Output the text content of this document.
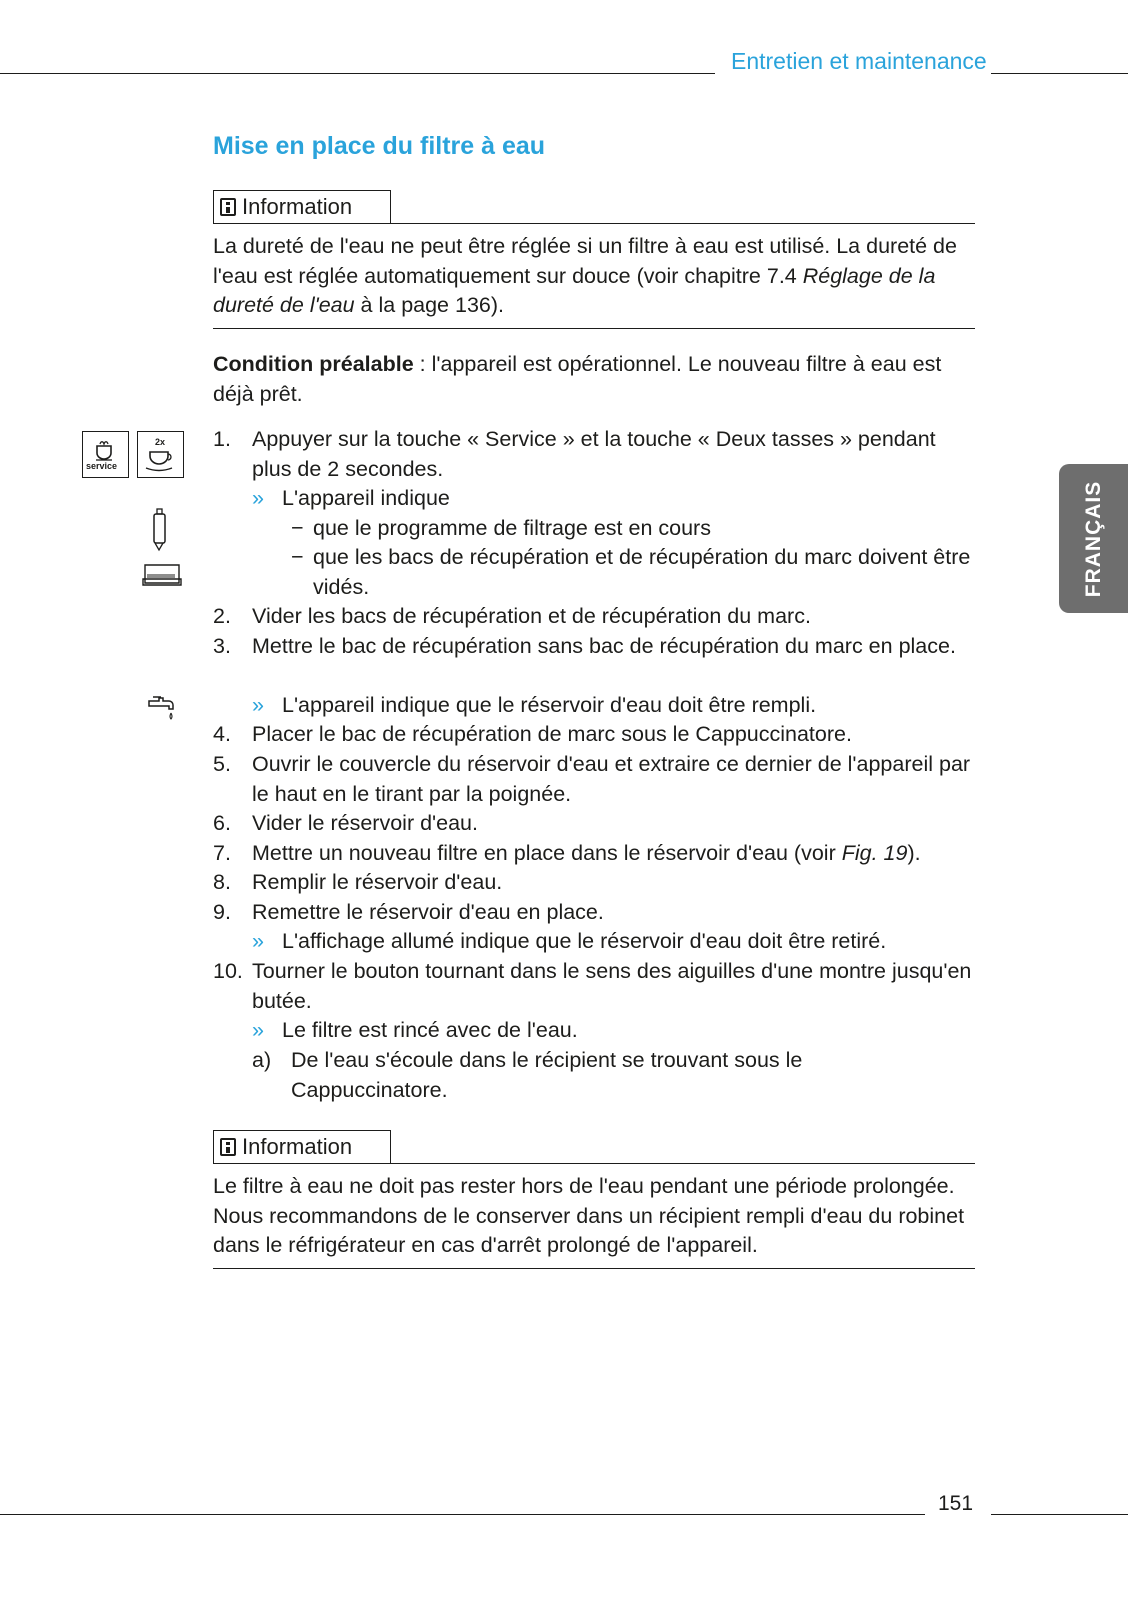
Entretien et maintenance
FRANÇAIS
Mise en place du filtre à eau
Information
La dureté de l'eau ne peut être réglée si un filtre à eau est utilisé. La dureté de l'eau est réglée automatiquement sur douce (voir chapitre 7.4 Réglage de la dureté de l'eau à la page 136).
Condition préalable : l'appareil est opérationnel. Le nouveau filtre à eau est déjà prêt.
service
2x 1. Appuyer sur la touche « Service » et la touche « Deux tasses » pendant plus de 2 secondes.
» L'appareil indique
− que le programme de filtrage est en cours
− que les bacs de récupération et de récupération du marc doivent être vidés.
2. Vider les bacs de récupération et de récupération du marc.
3. Mettre le bac de récupération sans bac de récupération du marc en place.
» L'appareil indique que le réservoir d'eau doit être rempli.
4. Placer le bac de récupération de marc sous le Cappuccinatore.
5. Ouvrir le couvercle du réservoir d'eau et extraire ce dernier de l'appareil par le haut en le tirant par la poignée.
6. Vider le réservoir d'eau.
7. Mettre un nouveau filtre en place dans le réservoir d'eau (voir Fig. 19).
8. Remplir le réservoir d'eau.
9. Remettre le réservoir d'eau en place.
» L'affichage allumé indique que le réservoir d'eau doit être retiré.
10. Tourner le bouton tournant dans le sens des aiguilles d'une montre jusqu'en butée.
» Le filtre est rincé avec de l'eau.
a) De l'eau s'écoule dans le récipient se trouvant sous le Cappuccinatore.
Information
Le filtre à eau ne doit pas rester hors de l'eau pendant une période prolongée. Nous recommandons de le conserver dans un récipient rempli d'eau du robinet dans le réfrigérateur en cas d'arrêt prolongé de l'appareil.
151
